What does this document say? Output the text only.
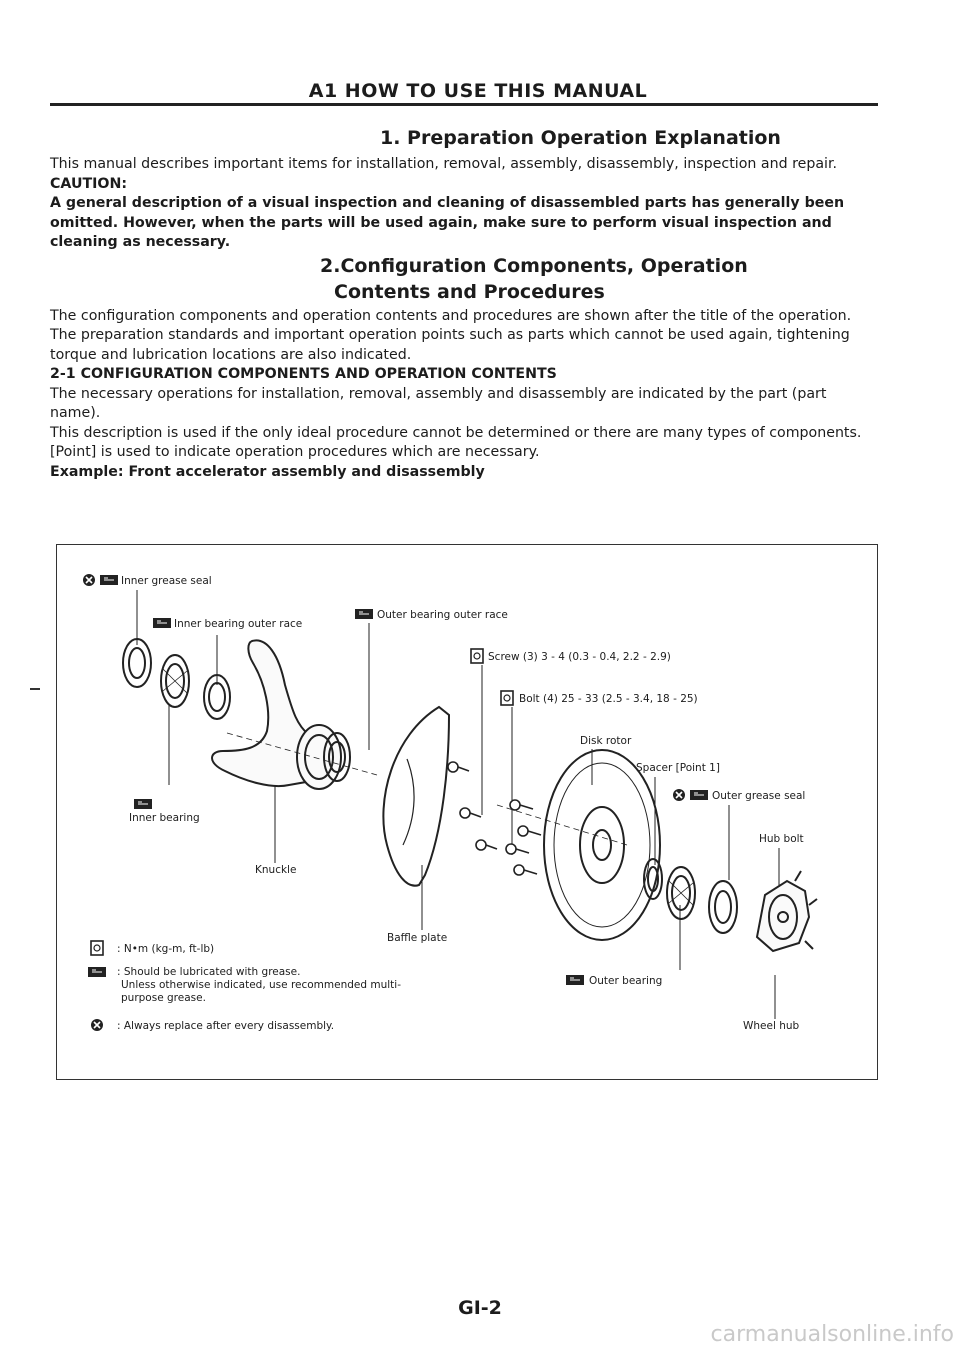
A1 HOW TO USE THIS MANUAL

1. Preparation Operation Explanation

This manual describes important items for installation, removal, assembly, disassembly, inspection and repair.

CAUTION:

A general description of a visual inspection and cleaning of disassembled parts has generally been omitted. However, when the parts will be used again, make sure to perform visual inspection and cleaning as necessary.

2.Configuration Components, Operation

Contents and Procedures

The configuration components and operation contents and procedures are shown after the title of the operation. The preparation standards and important operation points such as parts which cannot be used again, tightening torque and lubrication locations are also indicated.

2-1 CONFIGURATION COMPONENTS AND OPERATION CONTENTS

The necessary operations for installation, removal, assembly and disassembly are indicated by the part (part name).

This description is used if the only ideal procedure cannot be determined or there are many types of components.

[Point] is used to indicate operation procedures which are necessary.

Example: Front accelerator assembly and disassembly

Inner grease seal
Inner bearing outer race
Outer bearing outer race
Screw (3) 3 - 4 (0.3 - 0.4, 2.2 - 2.9)
Bolt (4) 25 - 33 (2.5 - 3.4, 18 - 25)
Disk rotor
Spacer [Point 1]
Outer grease seal
Hub bolt
Inner bearing
Knuckle
Baffle plate
Outer bearing
Wheel hub
: N•m (kg-m, ft-lb)
: Should be lubricated with grease.
Unless otherwise indicated, use recommended multi-
purpose grease.
: Always replace after every disassembly.
GI-2
carmanualsonline.info
